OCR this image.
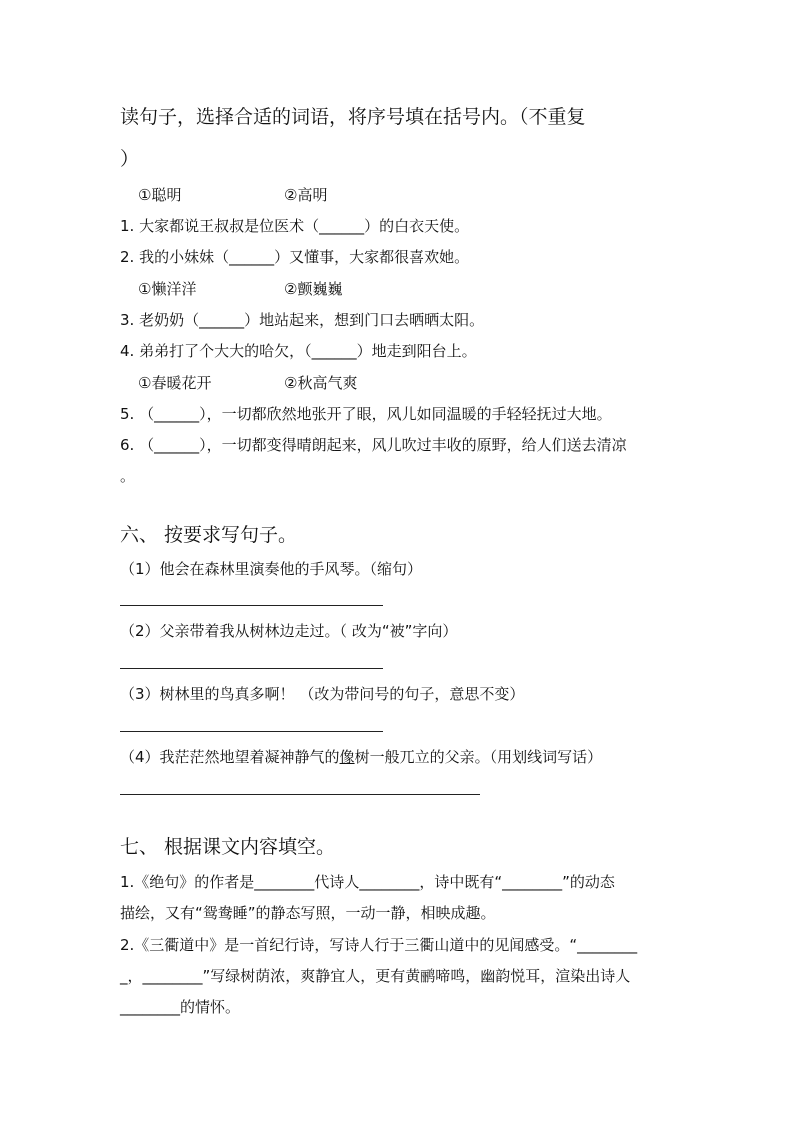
读句子，选择合适的词语，将序号填在括号内。（不重复
）
①聪明	②高明
1. 大家都说王叔叔是位医术（______）的白衣天使。
2. 我的小妹妹（______）又懂事，大家都很喜欢她。
①懒洋洋	②颤巍巍
3. 老奶奶（______）地站起来，想到门口去晒晒太阳。
4. 弟弟打了个大大的哈欠，（______）地走到阳台上。
①春暖花开	②秋高气爽
5. （______），一切都欣然地张开了眼，风儿如同温暖的手轻轻抚过大地。
6. （______），一切都变得晴朗起来，风儿吹过丰收的原野，给人们送去清凉
。
六、 按要求写句子。
（1）他会在森林里演奏他的手风琴。（缩句）
（2）父亲带着我从树林边走过。（ 改为“被”字向）
（3）树林里的鸟真多啊！ （改为带问号的句子，意思不变）
（4）我茫茫然地望着凝神静气的像树一般兀立的父亲。（用划线词写话）
七、 根据课文内容填空。
1.《绝句》的作者是________代诗人________，诗中既有“________”的动态
描绘，又有“鸳鸯睡”的静态写照，一动一静，相映成趣。
2.《三衢道中》是一首纪行诗，写诗人行于三衢山道中的见闻感受。“________
_，________”写绿树荫浓，爽静宜人，更有黄鹂啼鸣，幽韵悦耳，渲染出诗人
________的情怀。
